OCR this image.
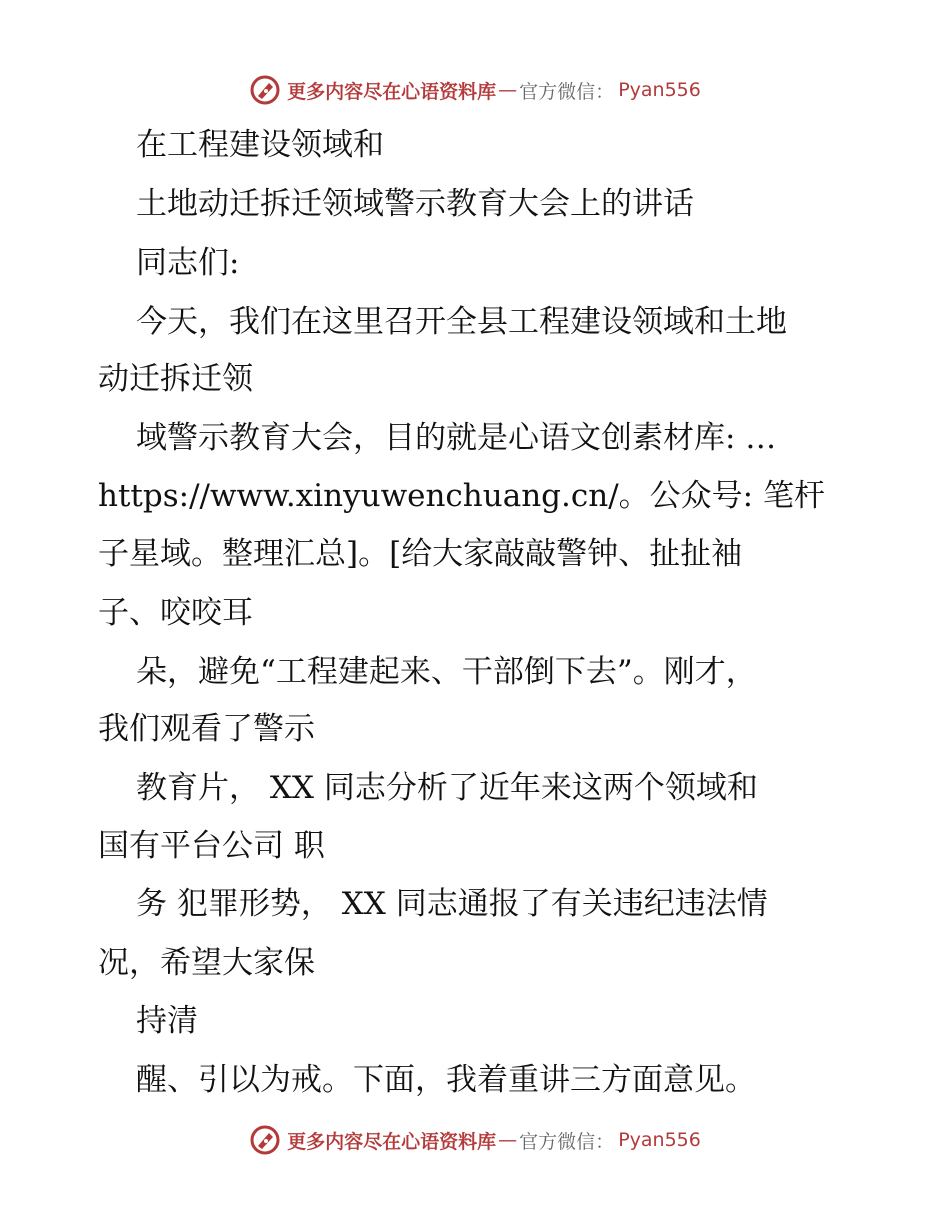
更多内容尽在心语资料库 — 官方微信： Pyan556
在工程建设领域和
土地动迁拆迁领域警示教育大会上的讲话
同志们:
今天，我们在这里召开全县工程建设领域和土地
动迁拆迁领
域警示教育大会，目的就是心语文创素材库: …
https://www.xinyuwenchuang.cn/。公众号: 笔杆
子星域。整理汇总]。[给大家敲敲警钟、扯扯袖
子、咬咬耳
朵，避免“工程建起来、干部倒下去”。刚才，
我们观看了警示
教育片， XX 同志分析了近年来这两个领域和
国有平台公司 职
务 犯罪形势， XX 同志通报了有关违纪违法情
况，希望大家保
持清
醒、引以为戒。下面，我着重讲三方面意见。
更多内容尽在心语资料库 — 官方微信： Pyan556
